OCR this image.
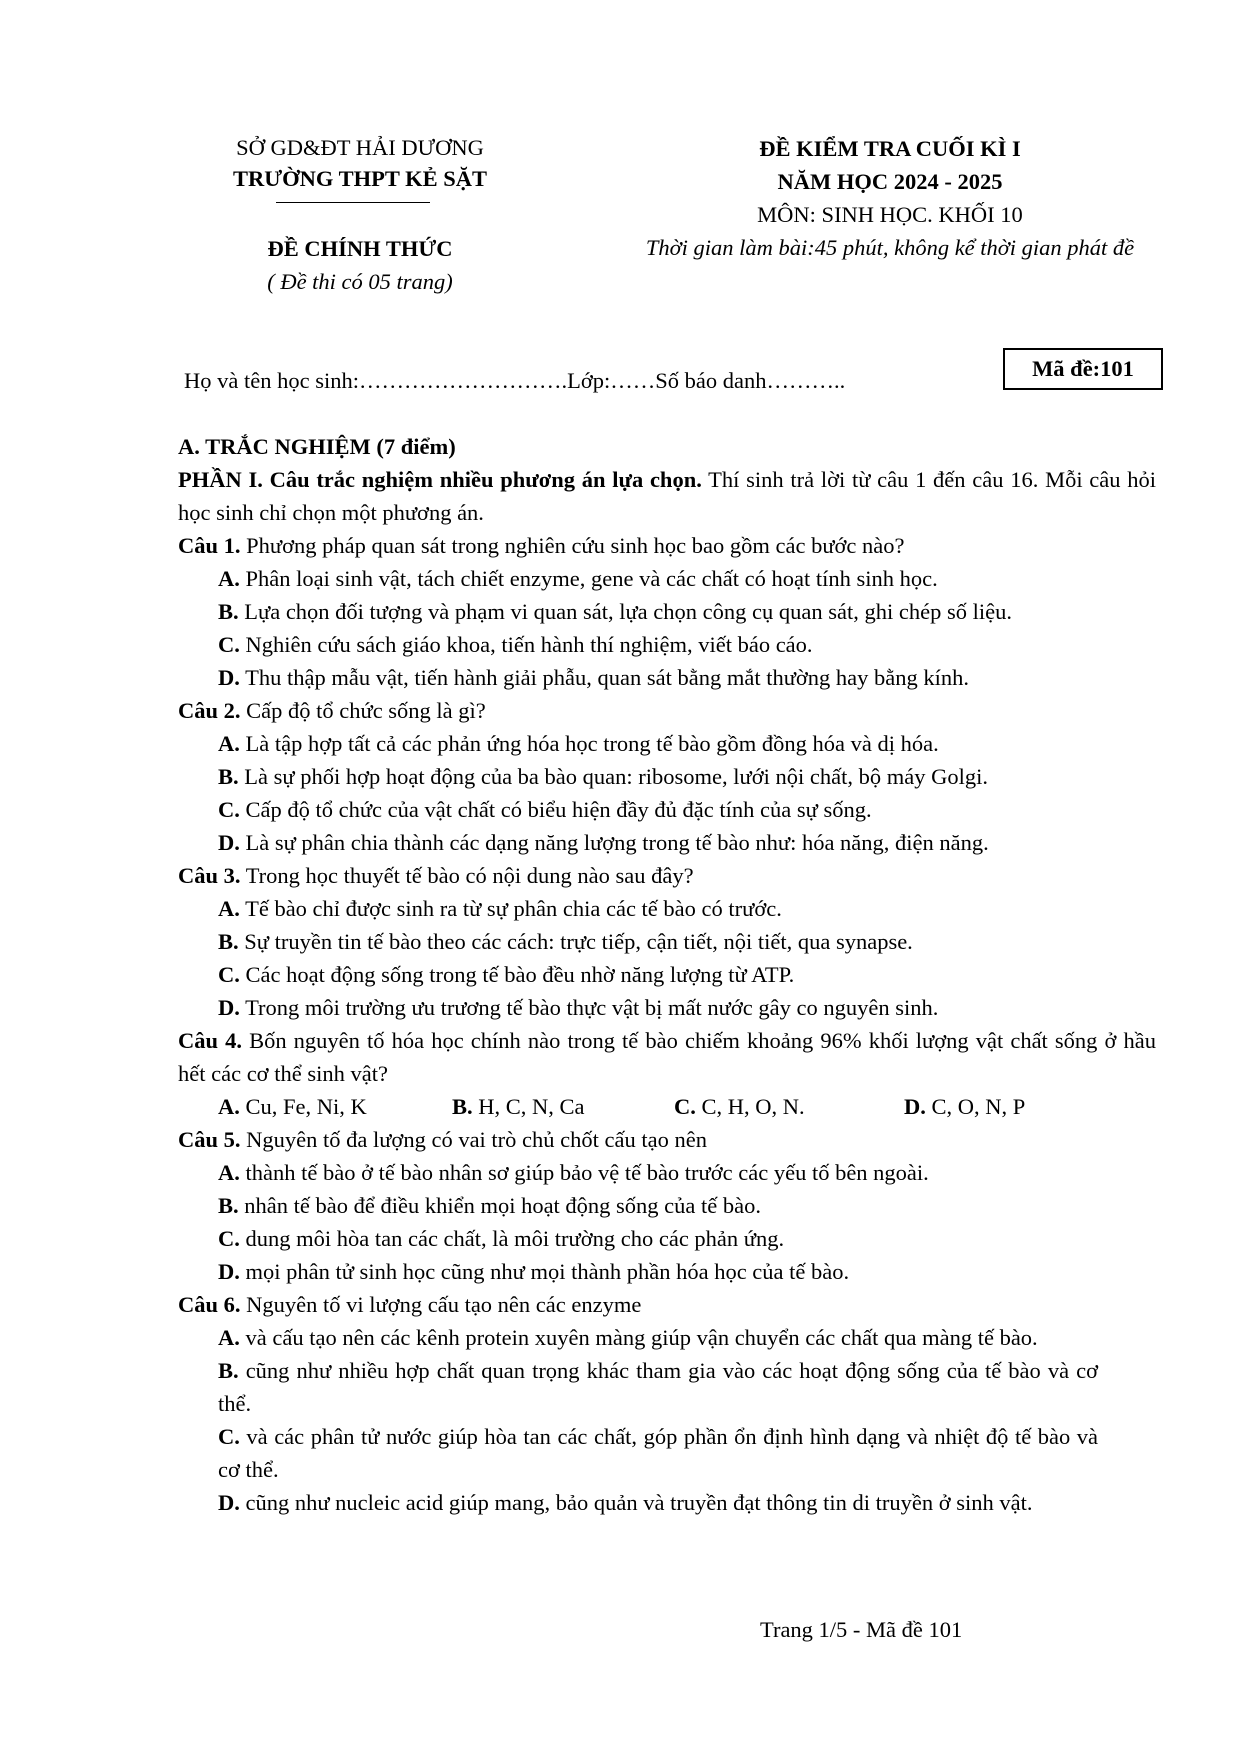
SỞ GD&ĐT HẢI DƯƠNG
TRƯỜNG THPT KẺ SẶT
ĐỀ CHÍNH THỨC
( Đề thi có 05 trang)
ĐỀ KIỂM TRA CUỐI KÌ I
NĂM HỌC 2024 - 2025
MÔN: SINH HỌC. KHỐI 10
Thời gian làm bài:45 phút, không kể thời gian phát đề
Họ và tên học sinh:……………………….Lớp:……Số báo danh………..	Mã đề:101

A. TRẮC NGHIỆM (7 điểm)

PHẦN I. Câu trắc nghiệm nhiều phương án lựa chọn. Thí sinh trả lời từ câu 1 đến câu 16. Mỗi câu hỏi học sinh chỉ chọn một phương án.

Câu 1. Phương pháp quan sát trong nghiên cứu sinh học bao gồm các bước nào?

A. Phân loại sinh vật, tách chiết enzyme, gene và các chất có hoạt tính sinh học.

B. Lựa chọn đối tượng và phạm vi quan sát, lựa chọn công cụ quan sát, ghi chép số liệu.

C. Nghiên cứu sách giáo khoa, tiến hành thí nghiệm, viết báo cáo.

D. Thu thập mẫu vật, tiến hành giải phẫu, quan sát bằng mắt thường hay bằng kính.

Câu 2. Cấp độ tổ chức sống là gì?

A. Là tập hợp tất cả các phản ứng hóa học trong tế bào gồm đồng hóa và dị hóa.

B. Là sự phối hợp hoạt động của ba bào quan: ribosome, lưới nội chất, bộ máy Golgi.

C. Cấp độ tổ chức của vật chất có biểu hiện đầy đủ đặc tính của sự sống.

D. Là sự phân chia thành các dạng năng lượng trong tế bào như: hóa năng, điện năng.

Câu 3. Trong học thuyết tế bào có nội dung nào sau đây?

A. Tế bào chỉ được sinh ra từ sự phân chia các tế bào có trước.

B. Sự truyền tin tế bào theo các cách: trực tiếp, cận tiết, nội tiết, qua synapse.

C. Các hoạt động sống trong tế bào đều nhờ năng lượng từ ATP.

D. Trong môi trường ưu trương tế bào thực vật bị mất nước gây co nguyên sinh.

Câu 4. Bốn nguyên tố hóa học chính nào trong tế bào chiếm khoảng 96% khối lượng vật chất sống ở hầu hết các cơ thể sinh vật?

A. Cu, Fe, Ni, K	B. H, C, N, Ca	C. C, H, O, N.	D. C, O, N, P

Câu 5. Nguyên tố đa lượng có vai trò chủ chốt cấu tạo nên

A. thành tế bào ở tế bào nhân sơ giúp bảo vệ tế bào trước các yếu tố bên ngoài.

B. nhân tế bào để điều khiển mọi hoạt động sống của tế bào.

C. dung môi hòa tan các chất, là môi trường cho các phản ứng.

D. mọi phân tử sinh học cũng như mọi thành phần hóa học của tế bào.

Câu 6. Nguyên tố vi lượng cấu tạo nên các enzyme

A. và cấu tạo nên các kênh protein xuyên màng giúp vận chuyển các chất qua màng tế bào.

B. cũng như nhiều hợp chất quan trọng khác tham gia vào các hoạt động sống của tế bào và cơ thể.

C. và các phân tử nước giúp hòa tan các chất, góp phần ổn định hình dạng và nhiệt độ tế bào và cơ thể.

D. cũng như nucleic acid giúp mang, bảo quản và truyền đạt thông tin di truyền ở sinh vật.

Trang 1/5 - Mã đề 101
